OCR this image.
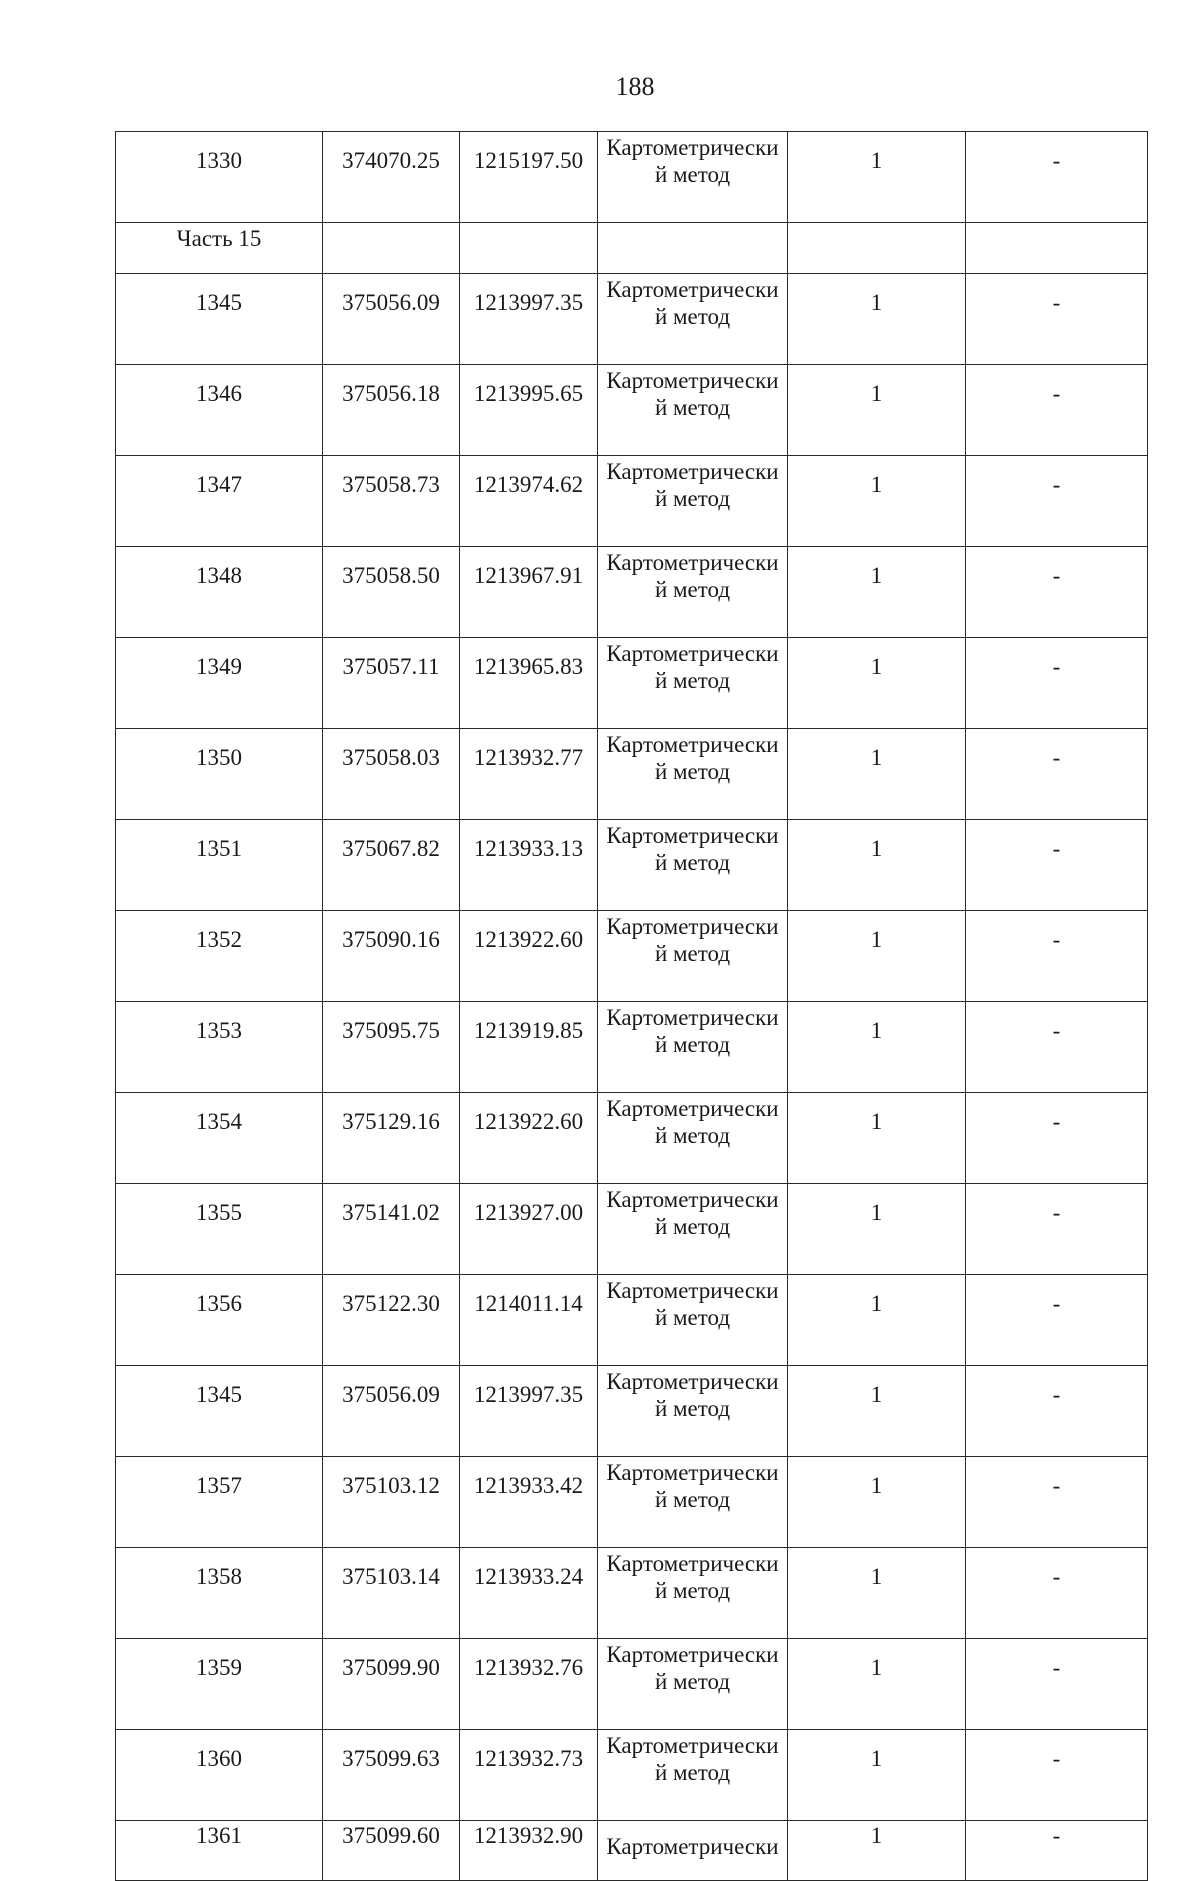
188
1330	374070.25	1215197.50	Картометрически й метод	1	-
Часть 15					
1345	375056.09	1213997.35	Картометрически й метод	1	-
1346	375056.18	1213995.65	Картометрически й метод	1	-
1347	375058.73	1213974.62	Картометрически й метод	1	-
1348	375058.50	1213967.91	Картометрически й метод	1	-
1349	375057.11	1213965.83	Картометрически й метод	1	-
1350	375058.03	1213932.77	Картометрически й метод	1	-
1351	375067.82	1213933.13	Картометрически й метод	1	-
1352	375090.16	1213922.60	Картометрически й метод	1	-
1353	375095.75	1213919.85	Картометрически й метод	1	-
1354	375129.16	1213922.60	Картометрически й метод	1	-
1355	375141.02	1213927.00	Картометрически й метод	1	-
1356	375122.30	1214011.14	Картометрически й метод	1	-
1345	375056.09	1213997.35	Картометрически й метод	1	-
1357	375103.12	1213933.42	Картометрически й метод	1	-
1358	375103.14	1213933.24	Картометрически й метод	1	-
1359	375099.90	1213932.76	Картометрически й метод	1	-
1360	375099.63	1213932.73	Картометрически й метод	1	-
1361	375099.60	1213932.90	Картометрически	1	-
